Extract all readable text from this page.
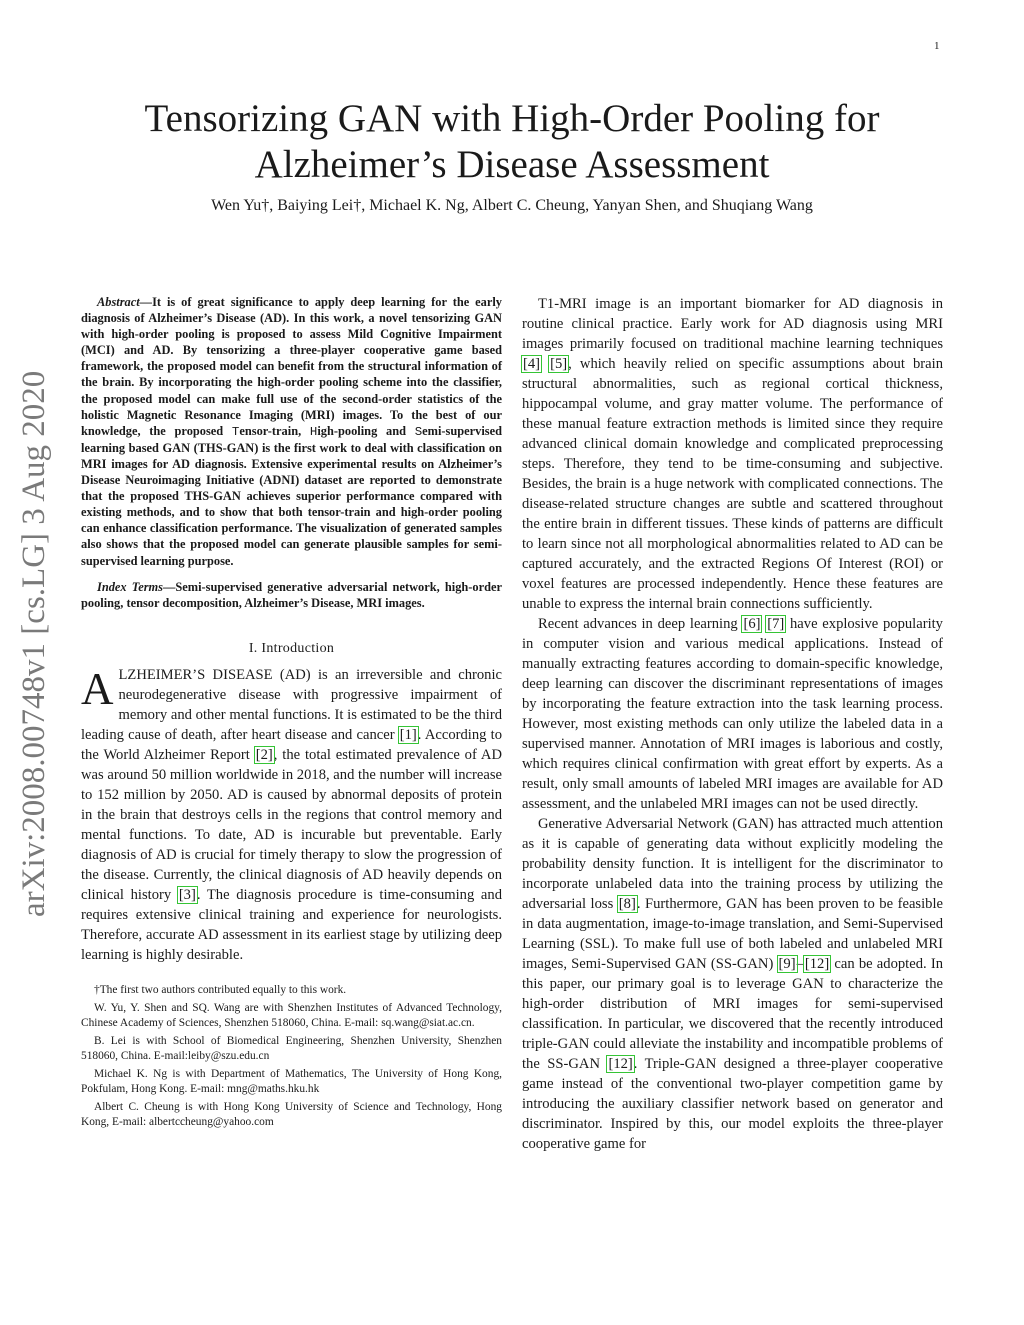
1
arXiv:2008.00748v1 [cs.LG] 3 Aug 2020
Tensorizing GAN with High-Order Pooling for
Alzheimer’s Disease Assessment
Wen Yu†, Baiying Lei†, Michael K. Ng, Albert C. Cheung, Yanyan Shen, and Shuqiang Wang

Abstract—It is of great significance to apply deep learning for the early diagnosis of Alzheimer’s Disease (AD). In this work, a novel tensorizing GAN with high-order pooling is proposed to assess Mild Cognitive Impairment (MCI) and AD. By tensorizing a three-player cooperative game based framework, the proposed model can benefit from the structural information of the brain. By incorporating the high-order pooling scheme into the classifier, the proposed model can make full use of the second-order statistics of the holistic Magnetic Resonance Imaging (MRI) images. To the best of our knowledge, the proposed Tensor-train, High-pooling and Semi-supervised learning based GAN (THS-GAN) is the first work to deal with classification on MRI images for AD diagnosis. Extensive experimental results on Alzheimer’s Disease Neuroimaging Initiative (ADNI) dataset are reported to demonstrate that the proposed THS-GAN achieves superior performance compared with existing methods, and to show that both tensor-train and high-order pooling can enhance classification performance. The visualization of generated samples also shows that the proposed model can generate plausible samples for semi-supervised learning purpose.

Index Terms—Semi-supervised generative adversarial network, high-order pooling, tensor decomposition, Alzheimer’s Disease, MRI images.

I. Introduction

ALZHEIMER’S DISEASE (AD) is an irreversible and chronic neurodegenerative disease with progressive impairment of memory and other mental functions. It is estimated to be the third leading cause of death, after heart disease and cancer [1]. According to the World Alzheimer Report [2], the total estimated prevalence of AD was around 50 million worldwide in 2018, and the number will increase to 152 million by 2050. AD is caused by abnormal deposits of protein in the brain that destroys cells in the regions that control memory and mental functions. To date, AD is incurable but preventable. Early diagnosis of AD is crucial for timely therapy to slow the progression of the disease. Currently, the clinical diagnosis of AD heavily depends on clinical history [3]. The diagnosis procedure is time-consuming and requires extensive clinical training and experience for neurologists. Therefore, accurate AD assessment in its earliest stage by utilizing deep learning is highly desirable.

†The first two authors contributed equally to this work.

W. Yu, Y. Shen and SQ. Wang are with Shenzhen Institutes of Advanced Technology, Chinese Academy of Sciences, Shenzhen 518060, China. E-mail: sq.wang@siat.ac.cn.

B. Lei is with School of Biomedical Engineering, Shenzhen University, Shenzhen 518060, China. E-mail:leiby@szu.edu.cn

Michael K. Ng is with Department of Mathematics, The University of Hong Kong, Pokfulam, Hong Kong. E-mail: mng@maths.hku.hk

Albert C. Cheung is with Hong Kong University of Science and Technology, Hong Kong, E-mail: albertccheung@yahoo.com

T1-MRI image is an important biomarker for AD diagnosis in routine clinical practice. Early work for AD diagnosis using MRI images primarily focused on traditional machine learning techniques [4] [5], which heavily relied on specific assumptions about brain structural abnormalities, such as regional cortical thickness, hippocampal volume, and gray matter volume. The performance of these manual feature extraction methods is limited since they require advanced clinical domain knowledge and complicated preprocessing steps. Therefore, they tend to be time-consuming and subjective. Besides, the brain is a huge network with complicated connections. The disease-related structure changes are subtle and scattered throughout the entire brain in different tissues. These kinds of patterns are difficult to learn since not all morphological abnormalities related to AD can be captured accurately, and the extracted Regions Of Interest (ROI) or voxel features are processed independently. Hence these features are unable to express the internal brain connections sufficiently.

Recent advances in deep learning [6] [7] have explosive popularity in computer vision and various medical applications. Instead of manually extracting features according to domain-specific knowledge, deep learning can discover the discriminant representations of images by incorporating the feature extraction into the task learning process. However, most existing methods can only utilize the labeled data in a supervised manner. Annotation of MRI images is laborious and costly, which requires clinical confirmation with great effort by experts. As a result, only small amounts of labeled MRI images are available for AD assessment, and the unlabeled MRI images can not be used directly.

Generative Adversarial Network (GAN) has attracted much attention as it is capable of generating data without explicitly modeling the probability density function. It is intelligent for the discriminator to incorporate unlabeled data into the training process by utilizing the adversarial loss [8]. Furthermore, GAN has been proven to be feasible in data augmentation, image-to-image translation, and Semi-Supervised Learning (SSL). To make full use of both labeled and unlabeled MRI images, Semi-Supervised GAN (SS-GAN) [9]–[12] can be adopted. In this paper, our primary goal is to leverage GAN to characterize the high-order distribution of MRI images for semi-supervised classification. In particular, we discovered that the recently introduced triple-GAN could alleviate the instability and incompatible problems of the SS-GAN [12]. Triple-GAN designed a three-player cooperative game instead of the conventional two-player competition game by introducing the auxiliary classifier network based on generator and discriminator. Inspired by this, our model exploits the three-player cooperative game for
